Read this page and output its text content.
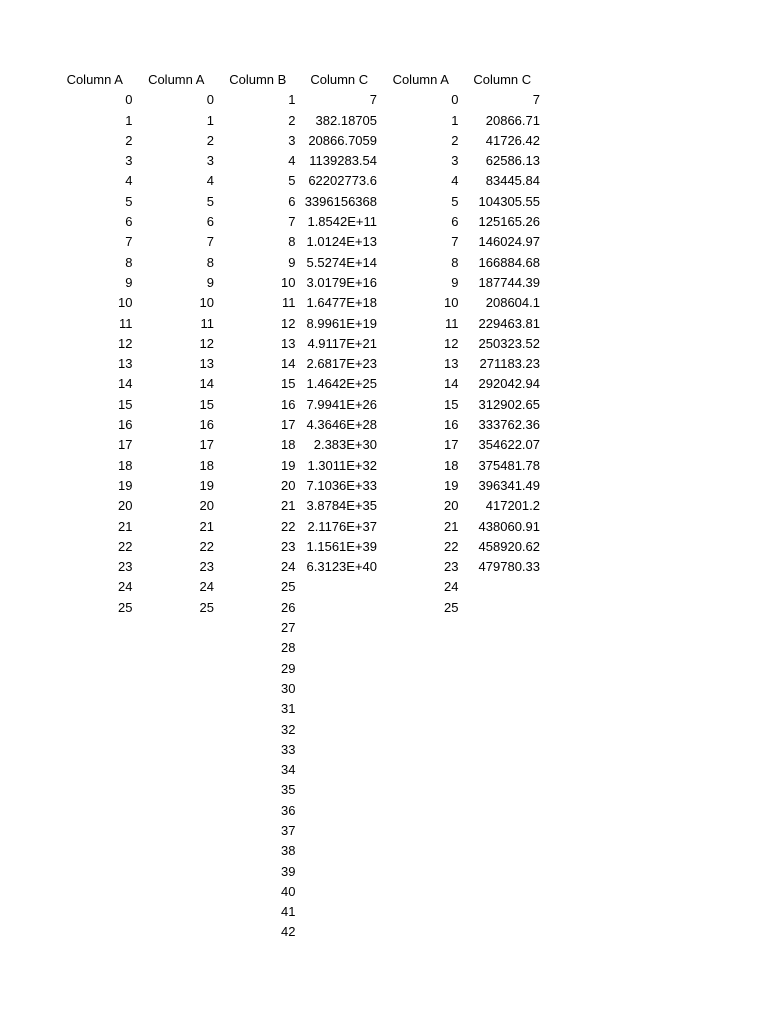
Column A	Column A	Column B	Column C	Column A	Column C
0	0	1	7	0	7
1	1	2	382.18705	1	20866.71
2	2	3	20866.7059	2	41726.42
3	3	4	1139283.54	3	62586.13
4	4	5	62202773.6	4	83445.84
5	5	6	3396156368	5	104305.55
6	6	7	1.8542E+11	6	125165.26
7	7	8	1.0124E+13	7	146024.97
8	8	9	5.5274E+14	8	166884.68
9	9	10	3.0179E+16	9	187744.39
10	10	11	1.6477E+18	10	208604.1
11	11	12	8.9961E+19	11	229463.81
12	12	13	4.9117E+21	12	250323.52
13	13	14	2.6817E+23	13	271183.23
14	14	15	1.4642E+25	14	292042.94
15	15	16	7.9941E+26	15	312902.65
16	16	17	4.3646E+28	16	333762.36
17	17	18	2.383E+30	17	354622.07
18	18	19	1.3011E+32	18	375481.78
19	19	20	7.1036E+33	19	396341.49
20	20	21	3.8784E+35	20	417201.2
21	21	22	2.1176E+37	21	438060.91
22	22	23	1.1561E+39	22	458920.62
23	23	24	6.3123E+40	23	479780.33
24	24	25		24	
25	25	26		25	
		27			
		28			
		29			
		30			
		31			
		32			
		33			
		34			
		35			
		36			
		37			
		38			
		39			
		40			
		41			
		42			
